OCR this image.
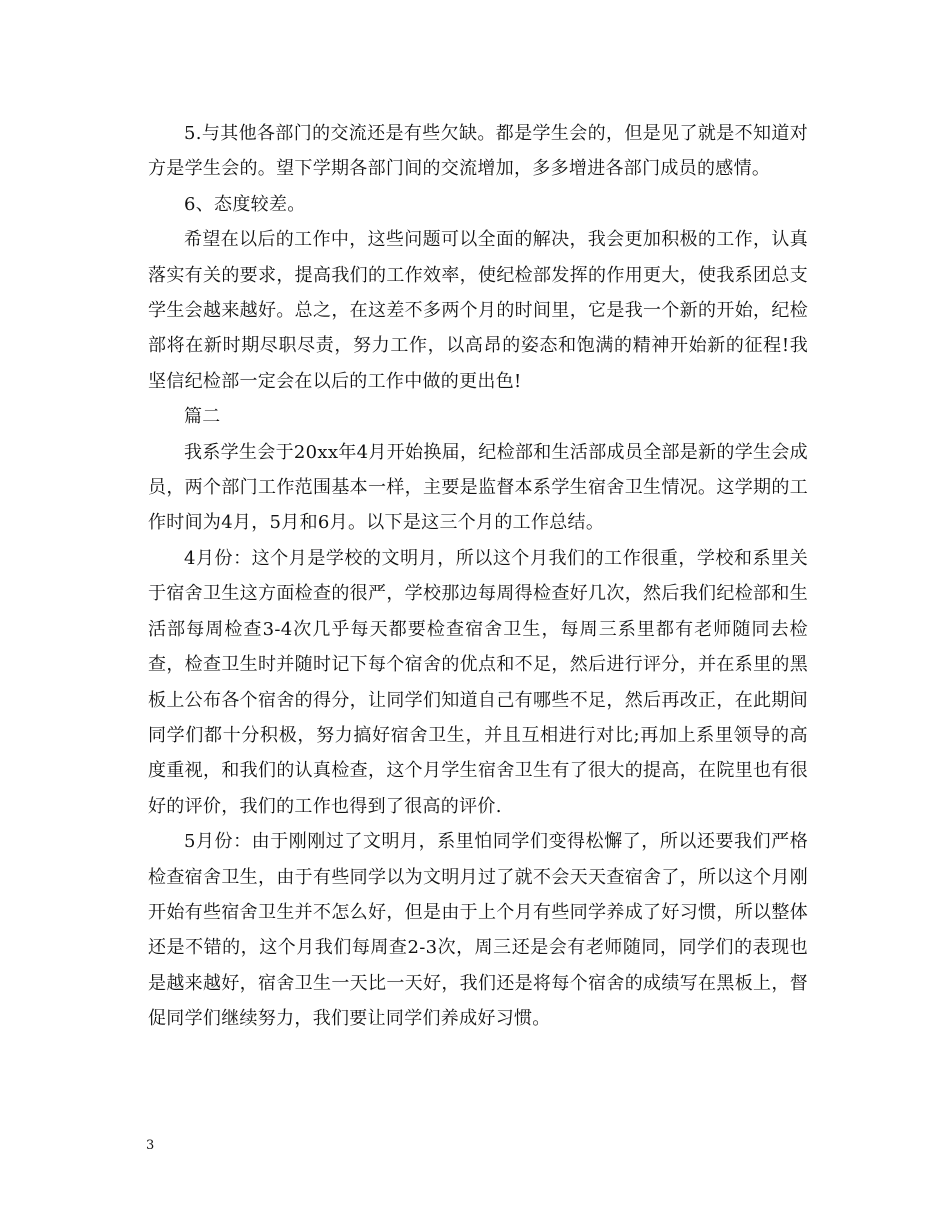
5.与其他各部门的交流还是有些欠缺。都是学生会的，但是见了就是不知道对方是学生会的。望下学期各部门间的交流增加，多多增进各部门成员的感情。

6、态度较差。

希望在以后的工作中，这些问题可以全面的解决，我会更加积极的工作，认真落实有关的要求，提高我们的工作效率，使纪检部发挥的作用更大，使我系团总支学生会越来越好。总之，在这差不多两个月的时间里，它是我一个新的开始，纪检部将在新时期尽职尽责，努力工作，以高昂的姿态和饱满的精神开始新的征程!我坚信纪检部一定会在以后的工作中做的更出色!

篇二

我系学生会于20xx年4月开始换届，纪检部和生活部成员全部是新的学生会成员，两个部门工作范围基本一样，主要是监督本系学生宿舍卫生情况。这学期的工作时间为4月，5月和6月。以下是这三个月的工作总结。

4月份：这个月是学校的文明月，所以这个月我们的工作很重，学校和系里关于宿舍卫生这方面检查的很严，学校那边每周得检查好几次，然后我们纪检部和生活部每周检查3-4次几乎每天都要检查宿舍卫生，每周三系里都有老师随同去检查，检查卫生时并随时记下每个宿舍的优点和不足，然后进行评分，并在系里的黑板上公布各个宿舍的得分，让同学们知道自己有哪些不足，然后再改正，在此期间同学们都十分积极，努力搞好宿舍卫生，并且互相进行对比;再加上系里领导的高度重视，和我们的认真检查，这个月学生宿舍卫生有了很大的提高，在院里也有很好的评价，我们的工作也得到了很高的评价.

5月份：由于刚刚过了文明月，系里怕同学们变得松懈了，所以还要我们严格检查宿舍卫生，由于有些同学以为文明月过了就不会天天查宿舍了，所以这个月刚开始有些宿舍卫生并不怎么好，但是由于上个月有些同学养成了好习惯，所以整体还是不错的，这个月我们每周查2-3次，周三还是会有老师随同，同学们的表现也是越来越好，宿舍卫生一天比一天好，我们还是将每个宿舍的成绩写在黑板上，督促同学们继续努力，我们要让同学们养成好习惯。

3
